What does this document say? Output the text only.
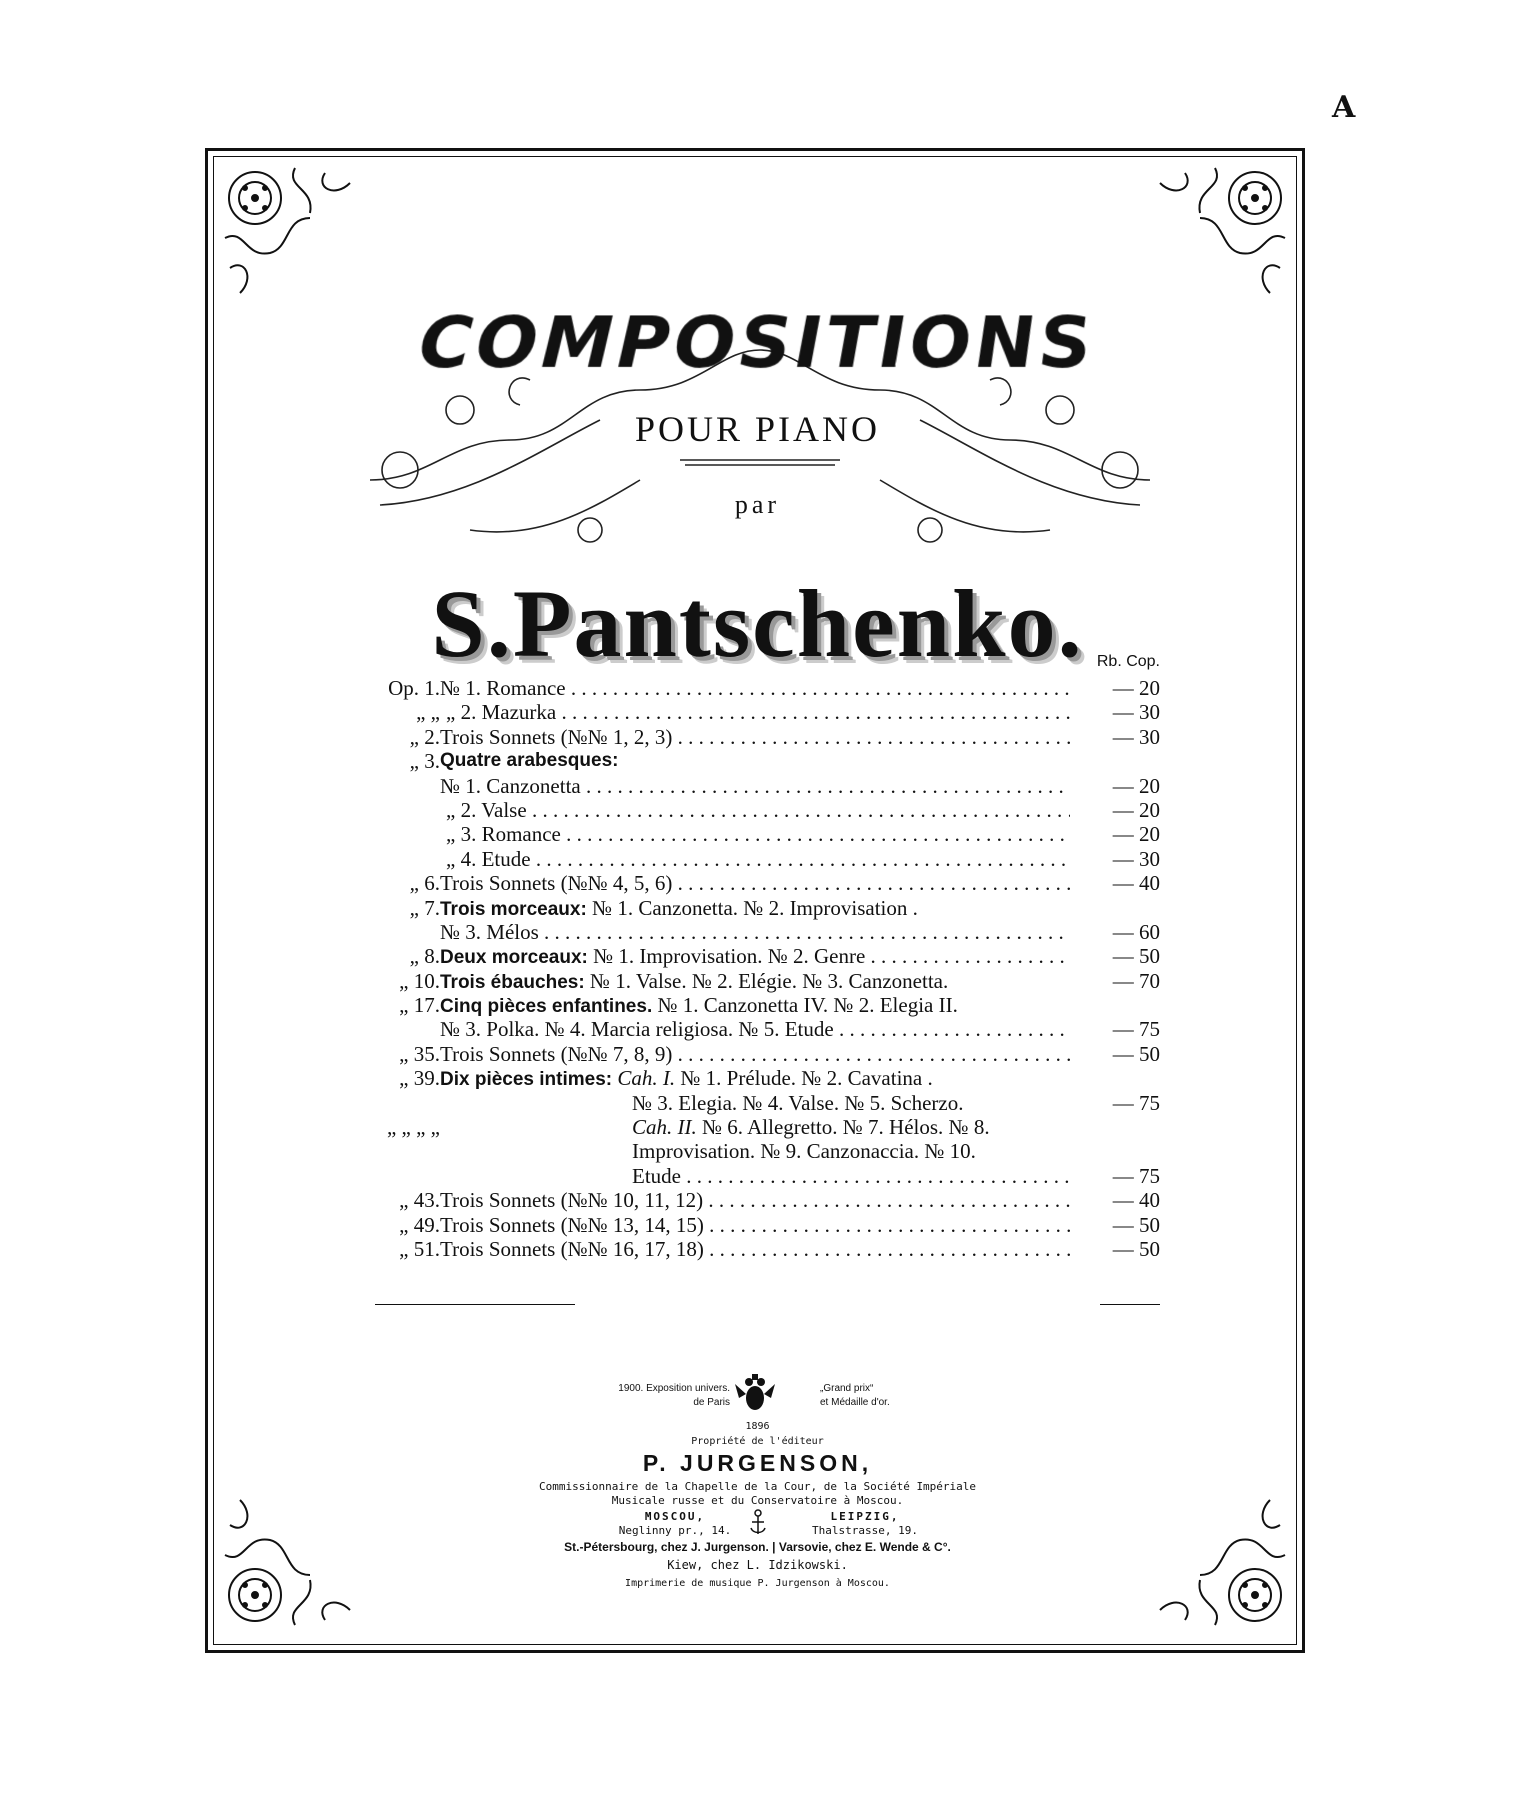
A
COMPOSITIONS
POUR PIANO
par
S.Pantschenko. Rb. Cop.
Op. 1. № 1. Romance . . .	— 20
„ „ „ 2. Mazurka . . .	— 30
„ 2. Trois Sonnets (№№ 1, 2, 3) . . .	— 30
„ 3. Quatre arabesques:
№ 1. Canzonetta . . .	— 20
„ 2. Valse . . .	— 20
„ 3. Romance . . .	— 20
„ 4. Etude . . .	— 30
„ 6. Trois Sonnets (№№ 4, 5, 6) . . .	— 40
„ 7. Trois morceaux: № 1. Canzonetta. № 2. Improvisation .
№ 3. Mélos . . .	— 60
„ 8. Deux morceaux: № 1. Improvisation. № 2. Genre . . .	— 50
„ 10. Trois ébauches: № 1. Valse. № 2. Elégie. № 3. Canzonetta.	— 70
„ 17. Cinq pièces enfantines. № 1. Canzonetta IV. № 2. Elegia II.
№ 3. Polka. № 4. Marcia religiosa. № 5. Etude . . .	— 75
„ 35. Trois Sonnets (№№ 7, 8, 9) . . .	— 50
„ 39. Dix pièces intimes: Cah. I. № 1. Prélude. № 2. Cavatina .
№ 3. Elegia. № 4. Valse. № 5. Scherzo.	— 75
„ „ „ „	Cah. II. № 6. Allegretto. № 7. Hélos. № 8.
Improvisation. № 9. Canzonaccia. № 10.
Etude . . .	— 75
„ 43. Trois Sonnets (№№ 10, 11, 12) . . .	— 40
„ 49. Trois Sonnets (№№ 13, 14, 15) . . .	— 50
„ 51. Trois Sonnets (№№ 16, 17, 18) . . .	— 50
1900. Exposition univers.
de Paris
„Grand prix“
et Médaille d'or.
1896
Propriété de l'éditeur
P. JURGENSON,
Commissionnaire de la Chapelle de la Cour, de la Société Impériale
Musicale russe et du Conservatoire à Moscou.
MOSCOU,
Neglinny pr., 14.
LEIPZIG,
Thalstrasse, 19.
St.-Pétersbourg, chez J. Jurgenson. | Varsovie, chez E. Wende & C°.
Kiew, chez L. Idzikowski.
Imprimerie de musique P. Jurgenson à Moscou.
